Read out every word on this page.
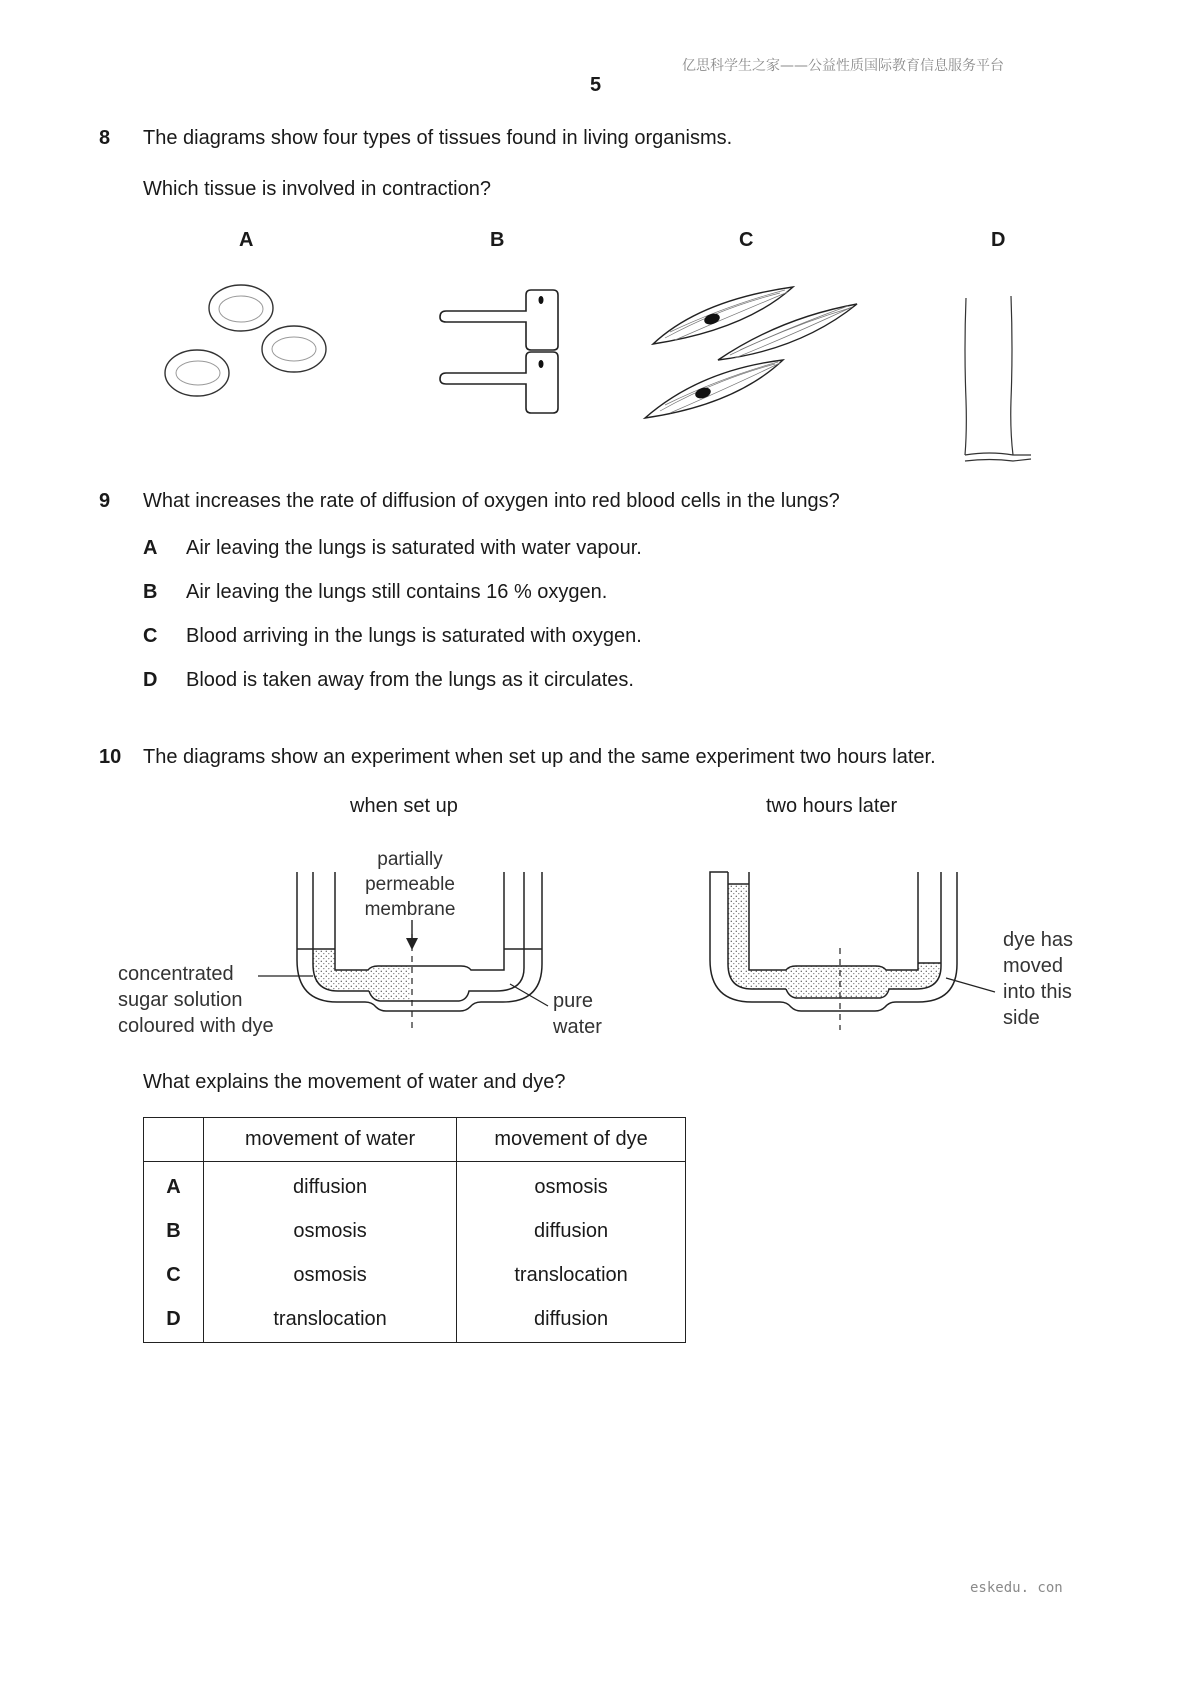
亿思科学生之家——公益性质国际教育信息服务平台
5
8 The diagrams show four types of tissues found in living organisms.
Which tissue is involved in contraction?
A	B	C	D
9 What increases the rate of diffusion of oxygen into red blood cells in the lungs?
A Air leaving the lungs is saturated with water vapour.
B Air leaving the lungs still contains 16 % oxygen.
C Blood arriving in the lungs is saturated with oxygen.
D Blood is taken away from the lungs as it circulates.
10 The diagrams show an experiment when set up and the same experiment two hours later.
when set up	two hours later
partially
permeable
membrane
concentrated
sugar solution
coloured with dye
pure
water
dye has
moved
into this
side
What explains the movement of water and dye?
	movement of water	movement of dye
A	diffusion	osmosis
B	osmosis	diffusion
C	osmosis	translocation
D	translocation	diffusion
eskedu. con
